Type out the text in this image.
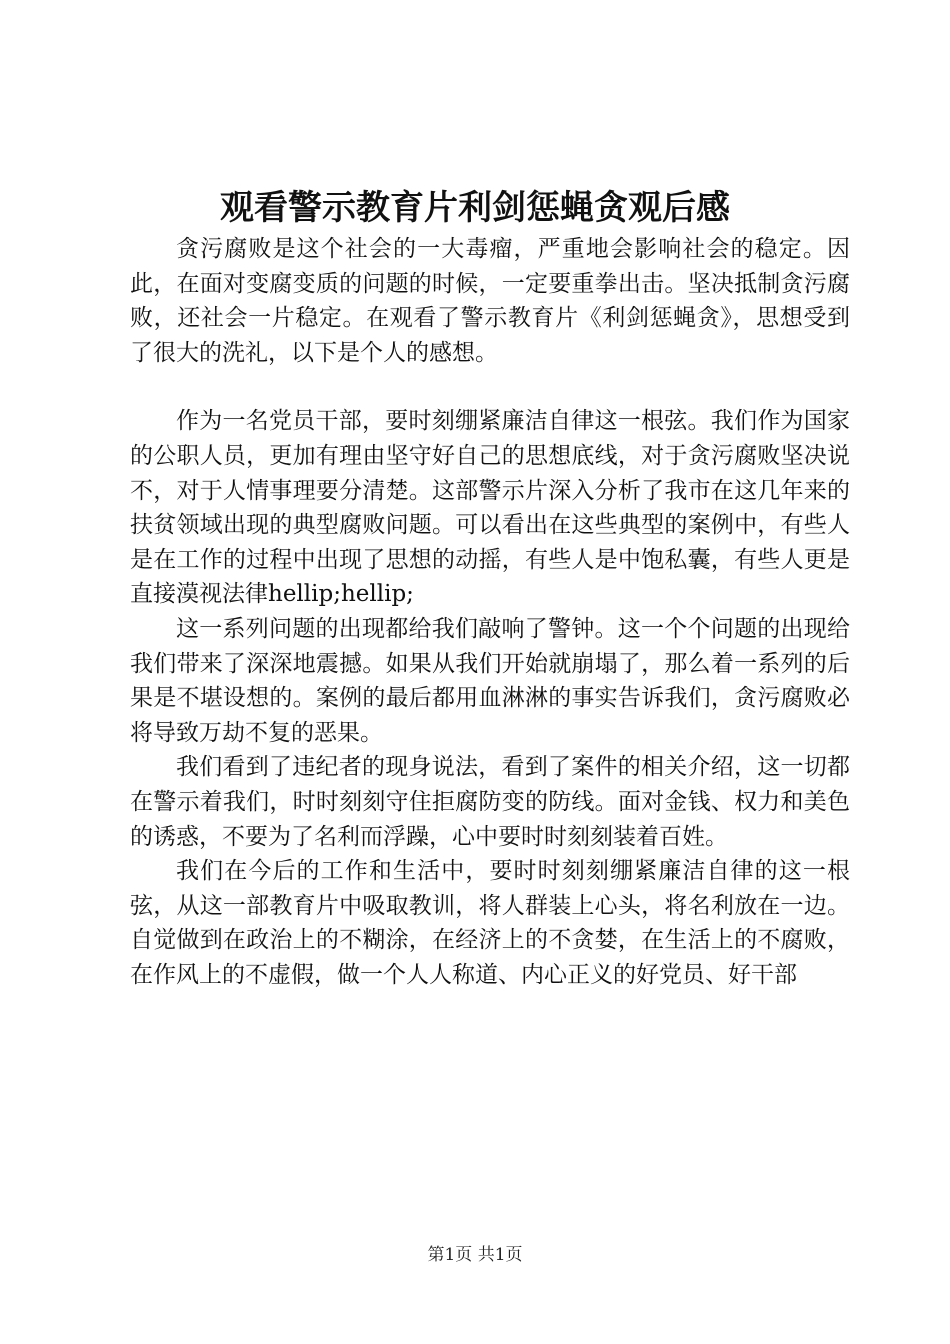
观看警示教育片利剑惩蝇贪观后感

贪污腐败是这个社会的一大毒瘤，严重地会影响社会的稳定。因此，在面对变腐变质的问题的时候，一定要重拳出击。坚决抵制贪污腐败，还社会一片稳定。在观看了警示教育片《利剑惩蝇贪》，思想受到了很大的洗礼，以下是个人的感想。

作为一名党员干部，要时刻绷紧廉洁自律这一根弦。我们作为国家的公职人员，更加有理由坚守好自己的思想底线，对于贪污腐败坚决说不，对于人情事理要分清楚。这部警示片深入分析了我市在这几年来的扶贫领域出现的典型腐败问题。可以看出在这些典型的案例中，有些人是在工作的过程中出现了思想的动摇，有些人是中饱私囊，有些人更是直接漠视法律hellip;hellip;

这一系列问题的出现都给我们敲响了警钟。这一个个问题的出现给我们带来了深深地震撼。如果从我们开始就崩塌了，那么着一系列的后果是不堪设想的。案例的最后都用血淋淋的事实告诉我们，贪污腐败必将导致万劫不复的恶果。

我们看到了违纪者的现身说法，看到了案件的相关介绍，这一切都在警示着我们，时时刻刻守住拒腐防变的防线。面对金钱、权力和美色的诱惑，不要为了名利而浮躁，心中要时时刻刻装着百姓。

我们在今后的工作和生活中，要时时刻刻绷紧廉洁自律的这一根弦，从这一部教育片中吸取教训，将人群装上心头，将名利放在一边。自觉做到在政治上的不糊涂，在经济上的不贪婪，在生活上的不腐败，在作风上的不虚假，做一个人人称道、内心正义的好党员、好干部

第1页 共1页
